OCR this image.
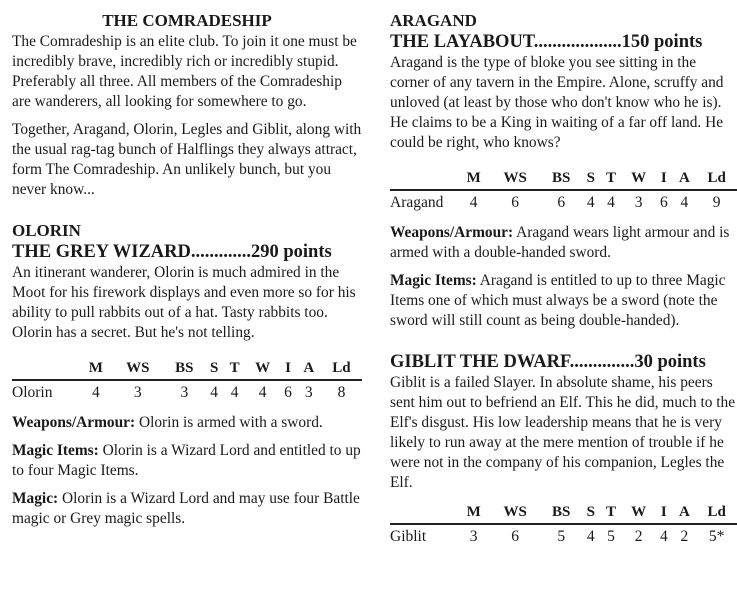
THE COMRADESHIP

The Comradeship is an elite club. To join it one must be incredibly brave, incredibly rich or incredibly stupid. Preferably all three. All members of the Comradeship are wanderers, all looking for somewhere to go.

Together, Aragand, Olorin, Legles and Giblit, along with the usual rag-tag bunch of Halflings they always attract, form The Comradeship. An unlikely bunch, but you never know...

OLORIN
THE GREY WIZARD.............290 points

An itinerant wanderer, Olorin is much admired in the Moot for his firework displays and even more so for his ability to pull rabbits out of a hat. Tasty rabbits too. Olorin has a secret. But he's not telling.

	M	WS	BS	S	T	W	I	A	Ld
Olorin	4	3	3	4	4	4	6	3	8

Weapons/Armour: Olorin is armed with a sword.

Magic Items: Olorin is a Wizard Lord and entitled to up to four Magic Items.

Magic: Olorin is a Wizard Lord and may use four Battle magic or Grey magic spells.

ARAGAND
THE LAYABOUT...................150 points

Aragand is the type of bloke you see sitting in the corner of any tavern in the Empire. Alone, scruffy and unloved (at least by those who don't know who he is). He claims to be a King in waiting of a far off land. He could be right, who knows?

	M	WS	BS	S	T	W	I	A	Ld
Aragand	4	6	6	4	4	3	6	4	9

Weapons/Armour: Aragand wears light armour and is armed with a double-handed sword.

Magic Items: Aragand is entitled to up to three Magic Items one of which must always be a sword (note the sword will still count as being double-handed).

GIBLIT THE DWARF..............30 points

Giblit is a failed Slayer. In absolute shame, his peers sent him out to befriend an Elf. This he did, much to the Elf's disgust. His low leadership means that he is very likely to run away at the mere mention of trouble if he were not in the company of his companion, Legles the Elf.

	M	WS	BS	S	T	W	I	A	Ld
Giblit	3	6	5	4	5	2	4	2	5*
